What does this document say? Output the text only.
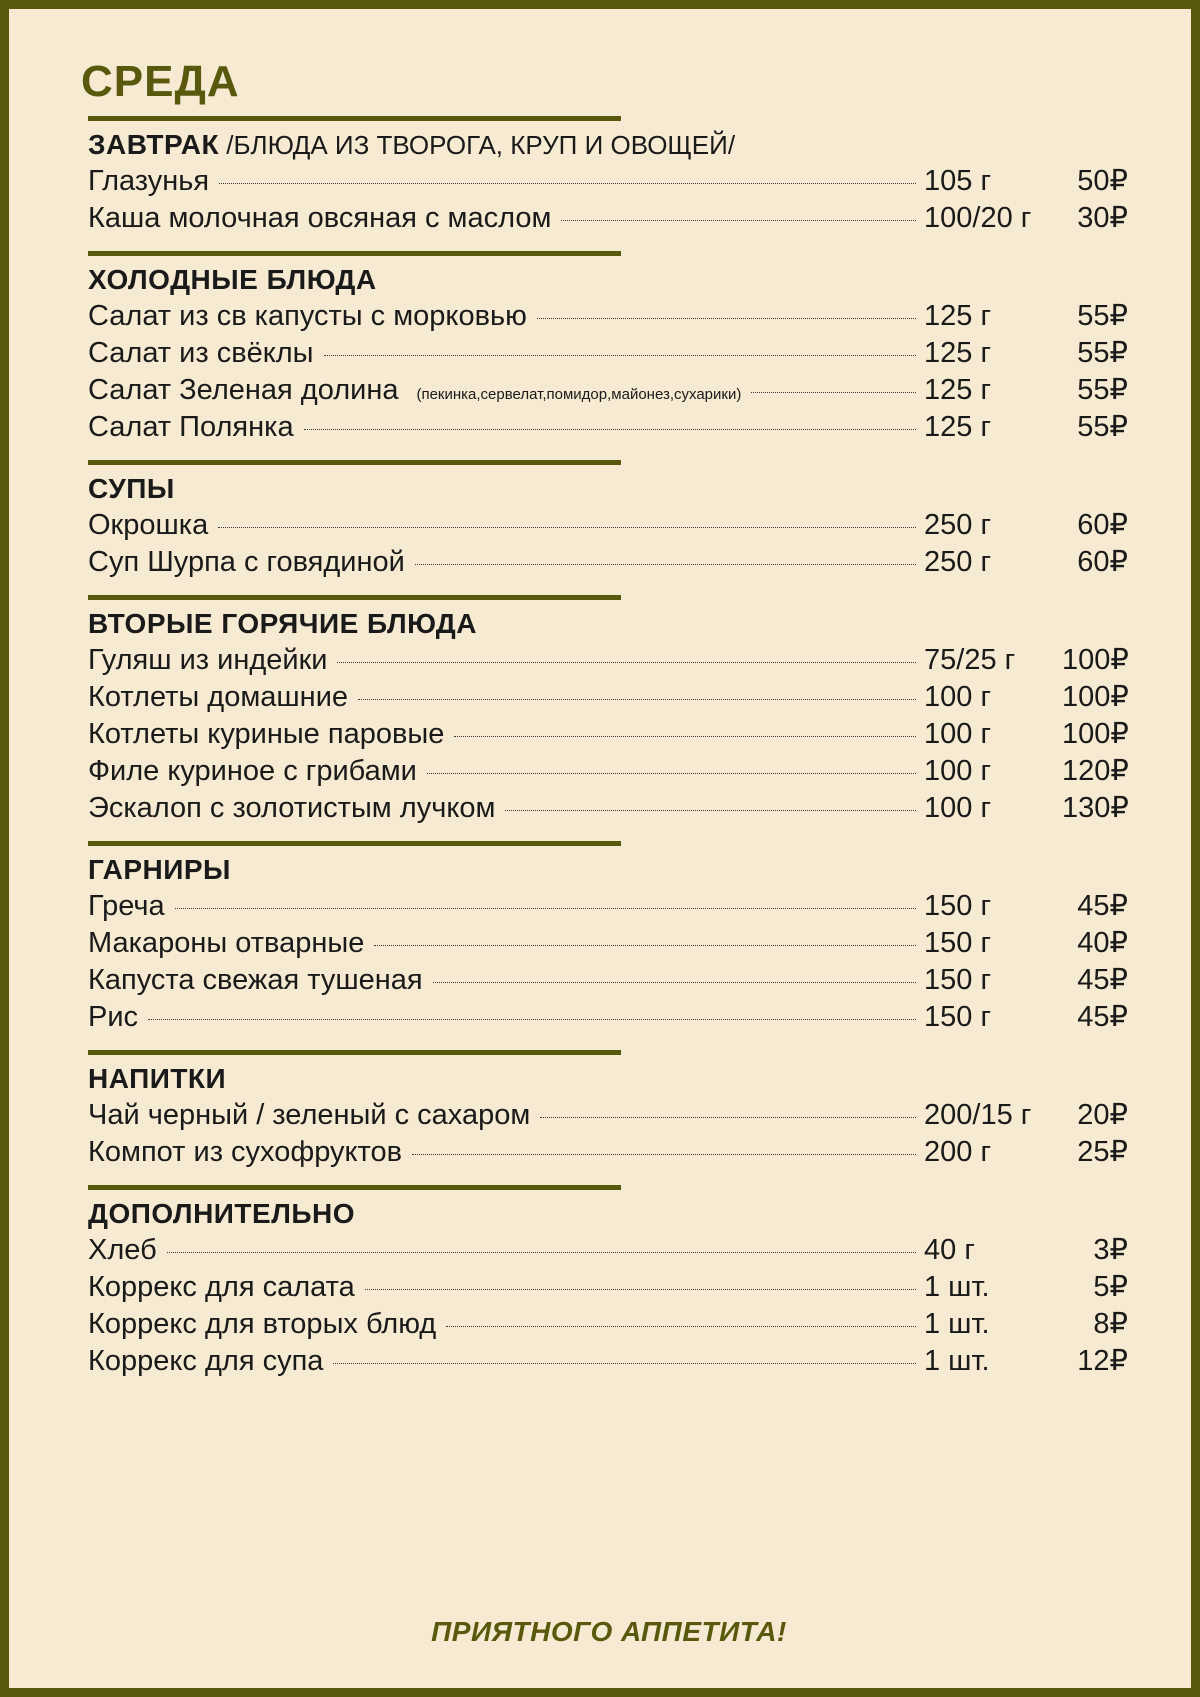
СРЕДА
ЗАВТРАК /БЛЮДА ИЗ ТВОРОГА, КРУП И ОВОЩЕЙ/
Глазунья	105 г	50₽
Каша молочная овсяная с маслом	100/20 г	30₽
ХОЛОДНЫЕ БЛЮДА
Салат из св капусты с морковью	125 г	55₽
Салат из свёклы	125 г	55₽
Салат Зеленая долина (пекинка,сервелат,помидор,майонез,сухарики)	125 г	55₽
Салат Полянка	125 г	55₽
СУПЫ
Окрошка	250 г	60₽
Суп Шурпа с говядиной	250 г	60₽
ВТОРЫЕ ГОРЯЧИЕ БЛЮДА
Гуляш из индейки	75/25 г	100₽
Котлеты домашние	100 г	100₽
Котлеты куриные паровые	100 г	100₽
Филе куриное с грибами	100 г	120₽
Эскалоп с золотистым лучком	100 г	130₽
ГАРНИРЫ
Греча	150 г	45₽
Макароны отварные	150 г	40₽
Капуста свежая тушеная	150 г	45₽
Рис	150 г	45₽
НАПИТКИ
Чай черный / зеленый с сахаром	200/15 г	20₽
Компот из сухофруктов	200 г	25₽
ДОПОЛНИТЕЛЬНО
Хлеб	40 г	3₽
Коррекс для салата	1 шт.	5₽
Коррекс для вторых блюд	1 шт.	8₽
Коррекс для супа	1 шт.	12₽

ПРИЯТНОГО АППЕТИТА!
